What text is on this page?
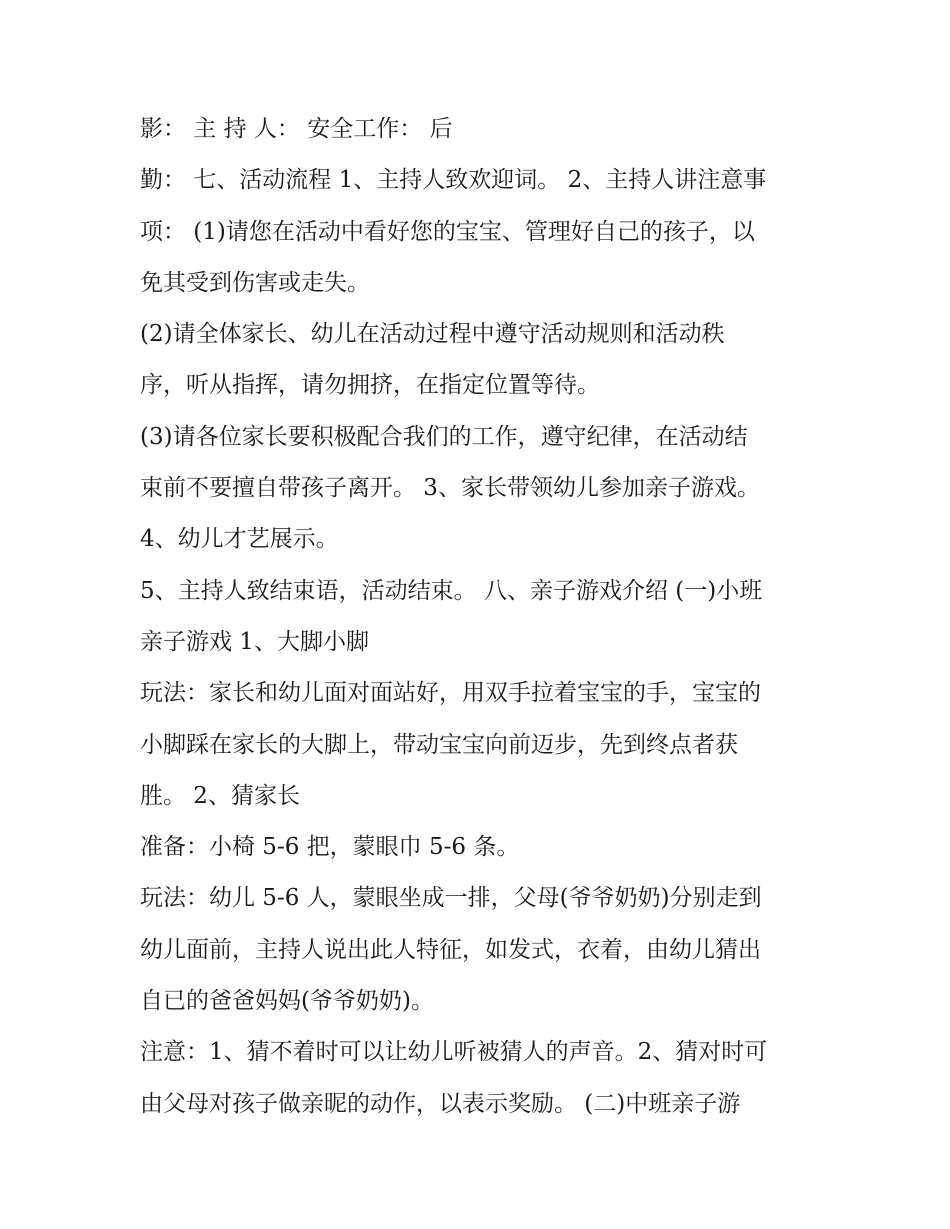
影： 主 持 人： 安全工作： 后
勤： 七、活动流程 1、主持人致欢迎词。 2、主持人讲注意事
项： (1)请您在活动中看好您的宝宝、管理好自己的孩子，以
免其受到伤害或走失。
(2)请全体家长、幼儿在活动过程中遵守活动规则和活动秩
序，听从指挥，请勿拥挤，在指定位置等待。
(3)请各位家长要积极配合我们的工作，遵守纪律，在活动结
束前不要擅自带孩子离开。 3、家长带领幼儿参加亲子游戏。
4、幼儿才艺展示。
5、主持人致结束语，活动结束。 八、亲子游戏介绍 (一)小班
亲子游戏 1、大脚小脚
玩法：家长和幼儿面对面站好，用双手拉着宝宝的手，宝宝的
小脚踩在家长的大脚上，带动宝宝向前迈步，先到终点者获
胜。 2、猜家长
准备：小椅 5-6 把，蒙眼巾 5-6 条。
玩法：幼儿 5-6 人，蒙眼坐成一排，父母(爷爷奶奶)分别走到
幼儿面前，主持人说出此人特征，如发式，衣着，由幼儿猜出
自已的爸爸妈妈(爷爷奶奶)。
注意：1、猜不着时可以让幼儿听被猜人的声音。2、猜对时可
由父母对孩子做亲昵的动作，以表示奖励。 (二)中班亲子游
